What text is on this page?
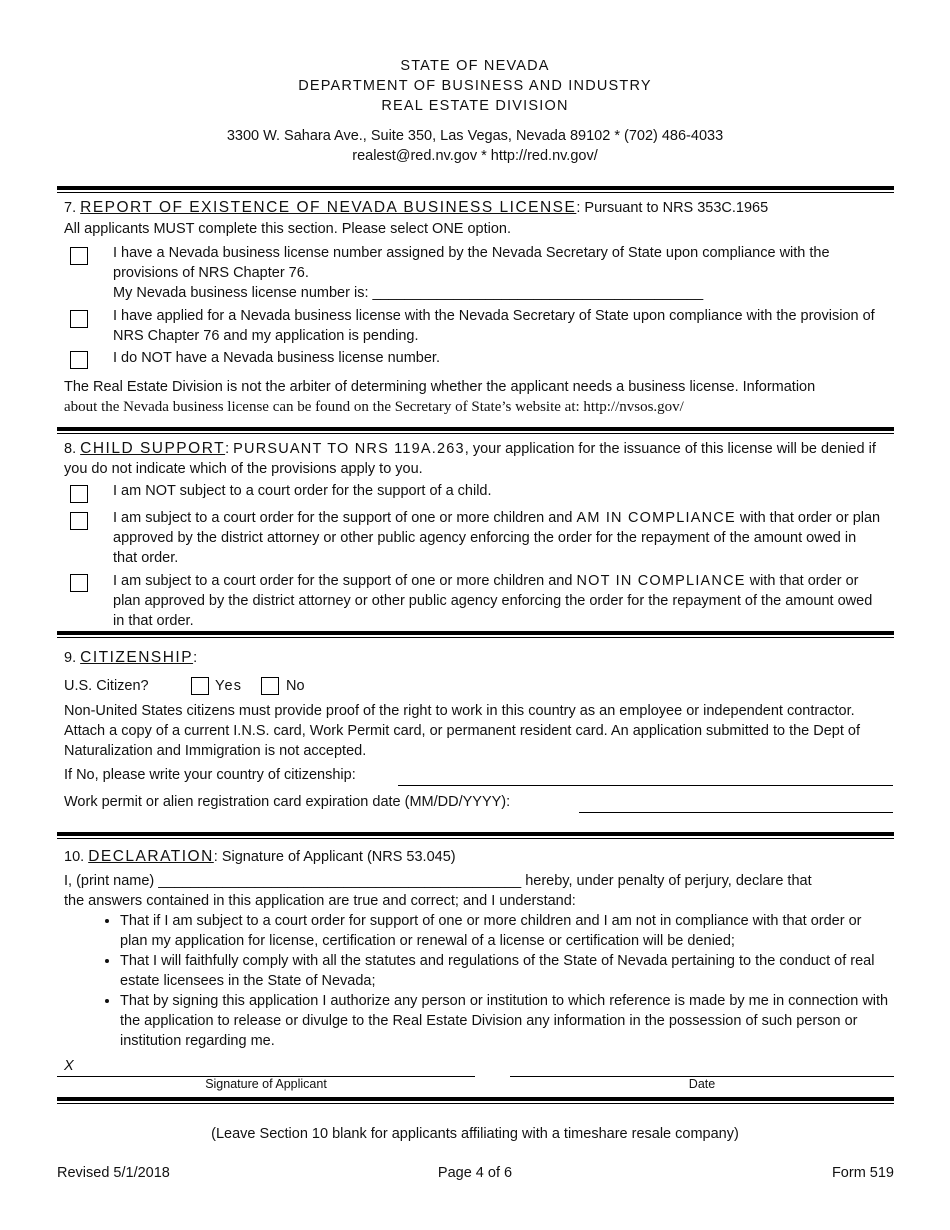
STATE OF NEVADA
DEPARTMENT OF BUSINESS AND INDUSTRY
REAL ESTATE DIVISION
3300 W. Sahara Ave., Suite 350, Las Vegas, Nevada 89102 * (702) 486-4033
realest@red.nv.gov * http://red.nv.gov/
7. REPORT OF EXISTENCE OF NEVADA BUSINESS LICENSE: Pursuant to NRS 353C.1965
All applicants MUST complete this section. Please select ONE option.
I have a Nevada business license number assigned by the Nevada Secretary of State upon compliance with the provisions of NRS Chapter 76.
My Nevada business license number is: _________________________________________
I have applied for a Nevada business license with the Nevada Secretary of State upon compliance with the provision of NRS Chapter 76 and my application is pending.
I do NOT have a Nevada business license number.
The Real Estate Division is not the arbiter of determining whether the applicant needs a business license. Information
about the Nevada business license can be found on the Secretary of State’s website at: http://nvsos.gov/
8. CHILD SUPPORT: PURSUANT TO NRS 119A.263, your application for the issuance of this license will be denied if you do not indicate which of the provisions apply to you.
I am NOT subject to a court order for the support of a child.
I am subject to a court order for the support of one or more children and AM IN COMPLIANCE with that order or plan approved by the district attorney or other public agency enforcing the order for the repayment of the amount owed in that order.
I am subject to a court order for the support of one or more children and NOT IN COMPLIANCE with that order or plan approved by the district attorney or other public agency enforcing the order for the repayment of the amount owed in that order.
9. CITIZENSHIP:
U.S. Citizen?	Yes	No
Non-United States citizens must provide proof of the right to work in this country as an employee or independent contractor. Attach a copy of a current I.N.S. card, Work Permit card, or permanent resident card. An application submitted to the Dept of Naturalization and Immigration is not accepted.
If No, please write your country of citizenship:
Work permit or alien registration card expiration date (MM/DD/YYYY):
10. DECLARATION: Signature of Applicant (NRS 53.045)
I, (print name) _____________________________________________ hereby, under penalty of perjury, declare that
the answers contained in this application are true and correct; and I understand:
• That if I am subject to a court order for support of one or more children and I am not in compliance with that order or plan my application for license, certification or renewal of a license or certification will be denied;
• That I will faithfully comply with all the statutes and regulations of the State of Nevada pertaining to the conduct of real estate licensees in the State of Nevada;
• That by signing this application I authorize any person or institution to which reference is made by me in connection with the application to release or divulge to the Real Estate Division any information in the possession of such person or institution regarding me.
X
Signature of Applicant	Date
(Leave Section 10 blank for applicants affiliating with a timeshare resale company)
Revised 5/1/2018	Page 4 of 6	Form 519
